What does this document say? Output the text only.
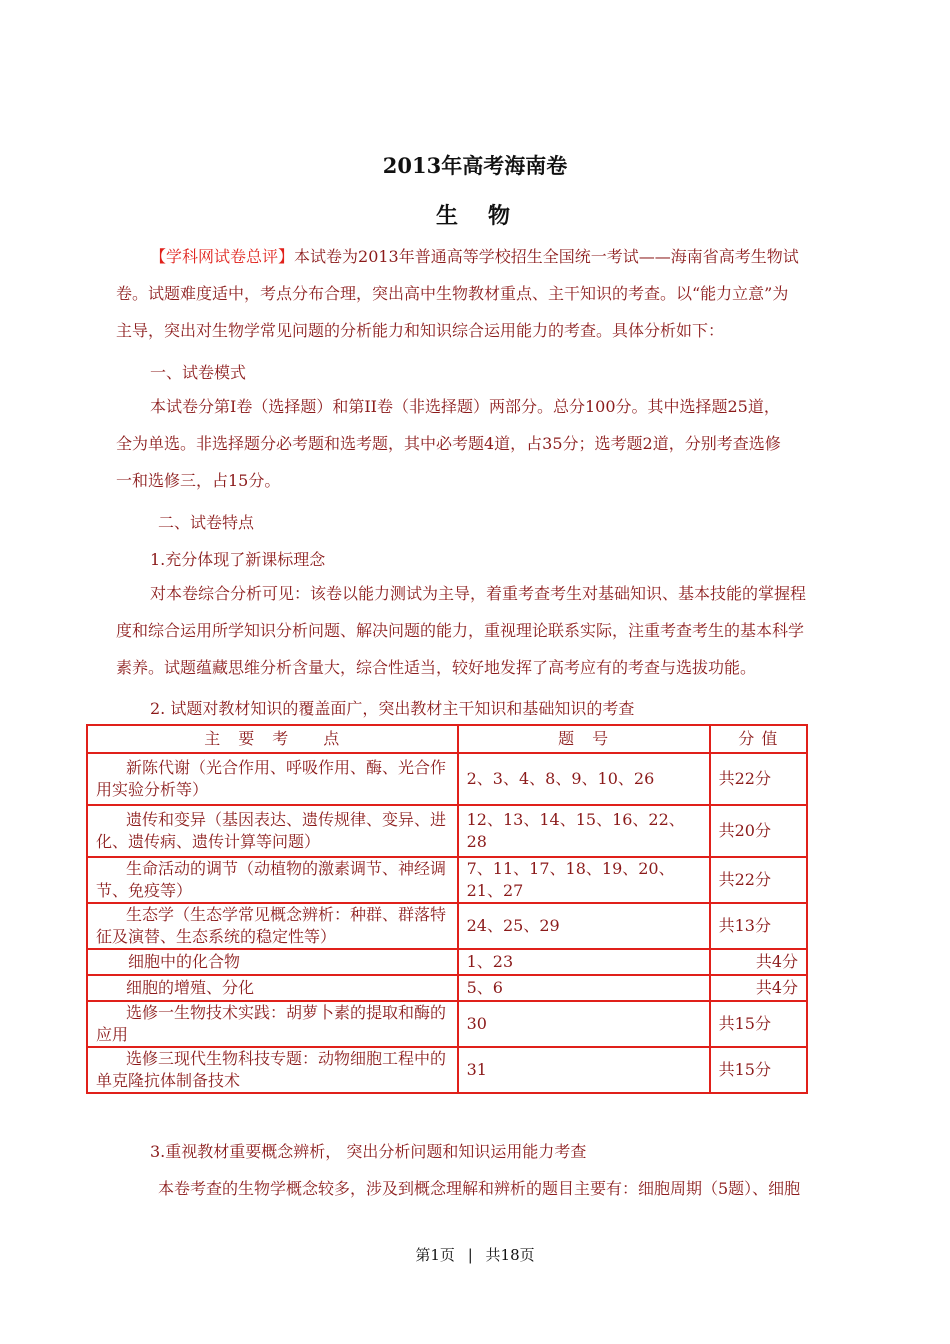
2013年高考海南卷
生　物
【学科网试卷总评】本试卷为2013年普通高等学校招生全国统一考试——海南省高考生物试
卷。试题难度适中，考点分布合理，突出高中生物教材重点、主干知识的考查。以“能力立意”为
主导，突出对生物学常见问题的分析能力和知识综合运用能力的考查。具体分析如下：
一、试卷模式
本试卷分第I卷（选择题）和第II卷（非选择题）两部分。总分100分。其中选择题25道，
全为单选。非选择题分必考题和选考题，其中必考题4道，占35分；选考题2道，分别考查选修
一和选修三，占15分。
二、试卷特点
1.充分体现了新课标理念
对本卷综合分析可见：该卷以能力测试为主导，着重考查考生对基础知识、基本技能的掌握程
度和综合运用所学知识分析问题、解决问题的能力，重视理论联系实际，注重考查考生的基本科学
素养。试题蕴藏思维分析含量大，综合性适当，较好地发挥了高考应有的考查与选拔功能。
2. 试题对教材知识的覆盖面广，突出教材主干知识和基础知识的考查
主　要　考　　点	题　号	分 值
新陈代谢（光合作用、呼吸作用、酶、光合作用实验分析等）	2、3、4、8、9、10、26	共22分
遗传和变异（基因表达、遗传规律、变异、进化、遗传病、遗传计算等问题）	12、13、14、15、16、22、28	共20分
生命活动的调节（动植物的激素调节、神经调节、免疫等）	7、11、17、18、19、20、21、27	共22分
生态学（生态学常见概念辨析：种群、群落特征及演替、生态系统的稳定性等）	24、25、29	共13分
细胞中的化合物	1、23	共4分
细胞的增殖、分化	5、6	共4分
选修一生物技术实践：胡萝卜素的提取和酶的应用	30	共15分
选修三现代生物科技专题：动物细胞工程中的单克隆抗体制备技术	31	共15分
3.重视教材重要概念辨析， 突出分析问题和知识运用能力考查
本卷考查的生物学概念较多，涉及到概念理解和辨析的题目主要有：细胞周期（5题）、细胞
第1页 | 共18页
